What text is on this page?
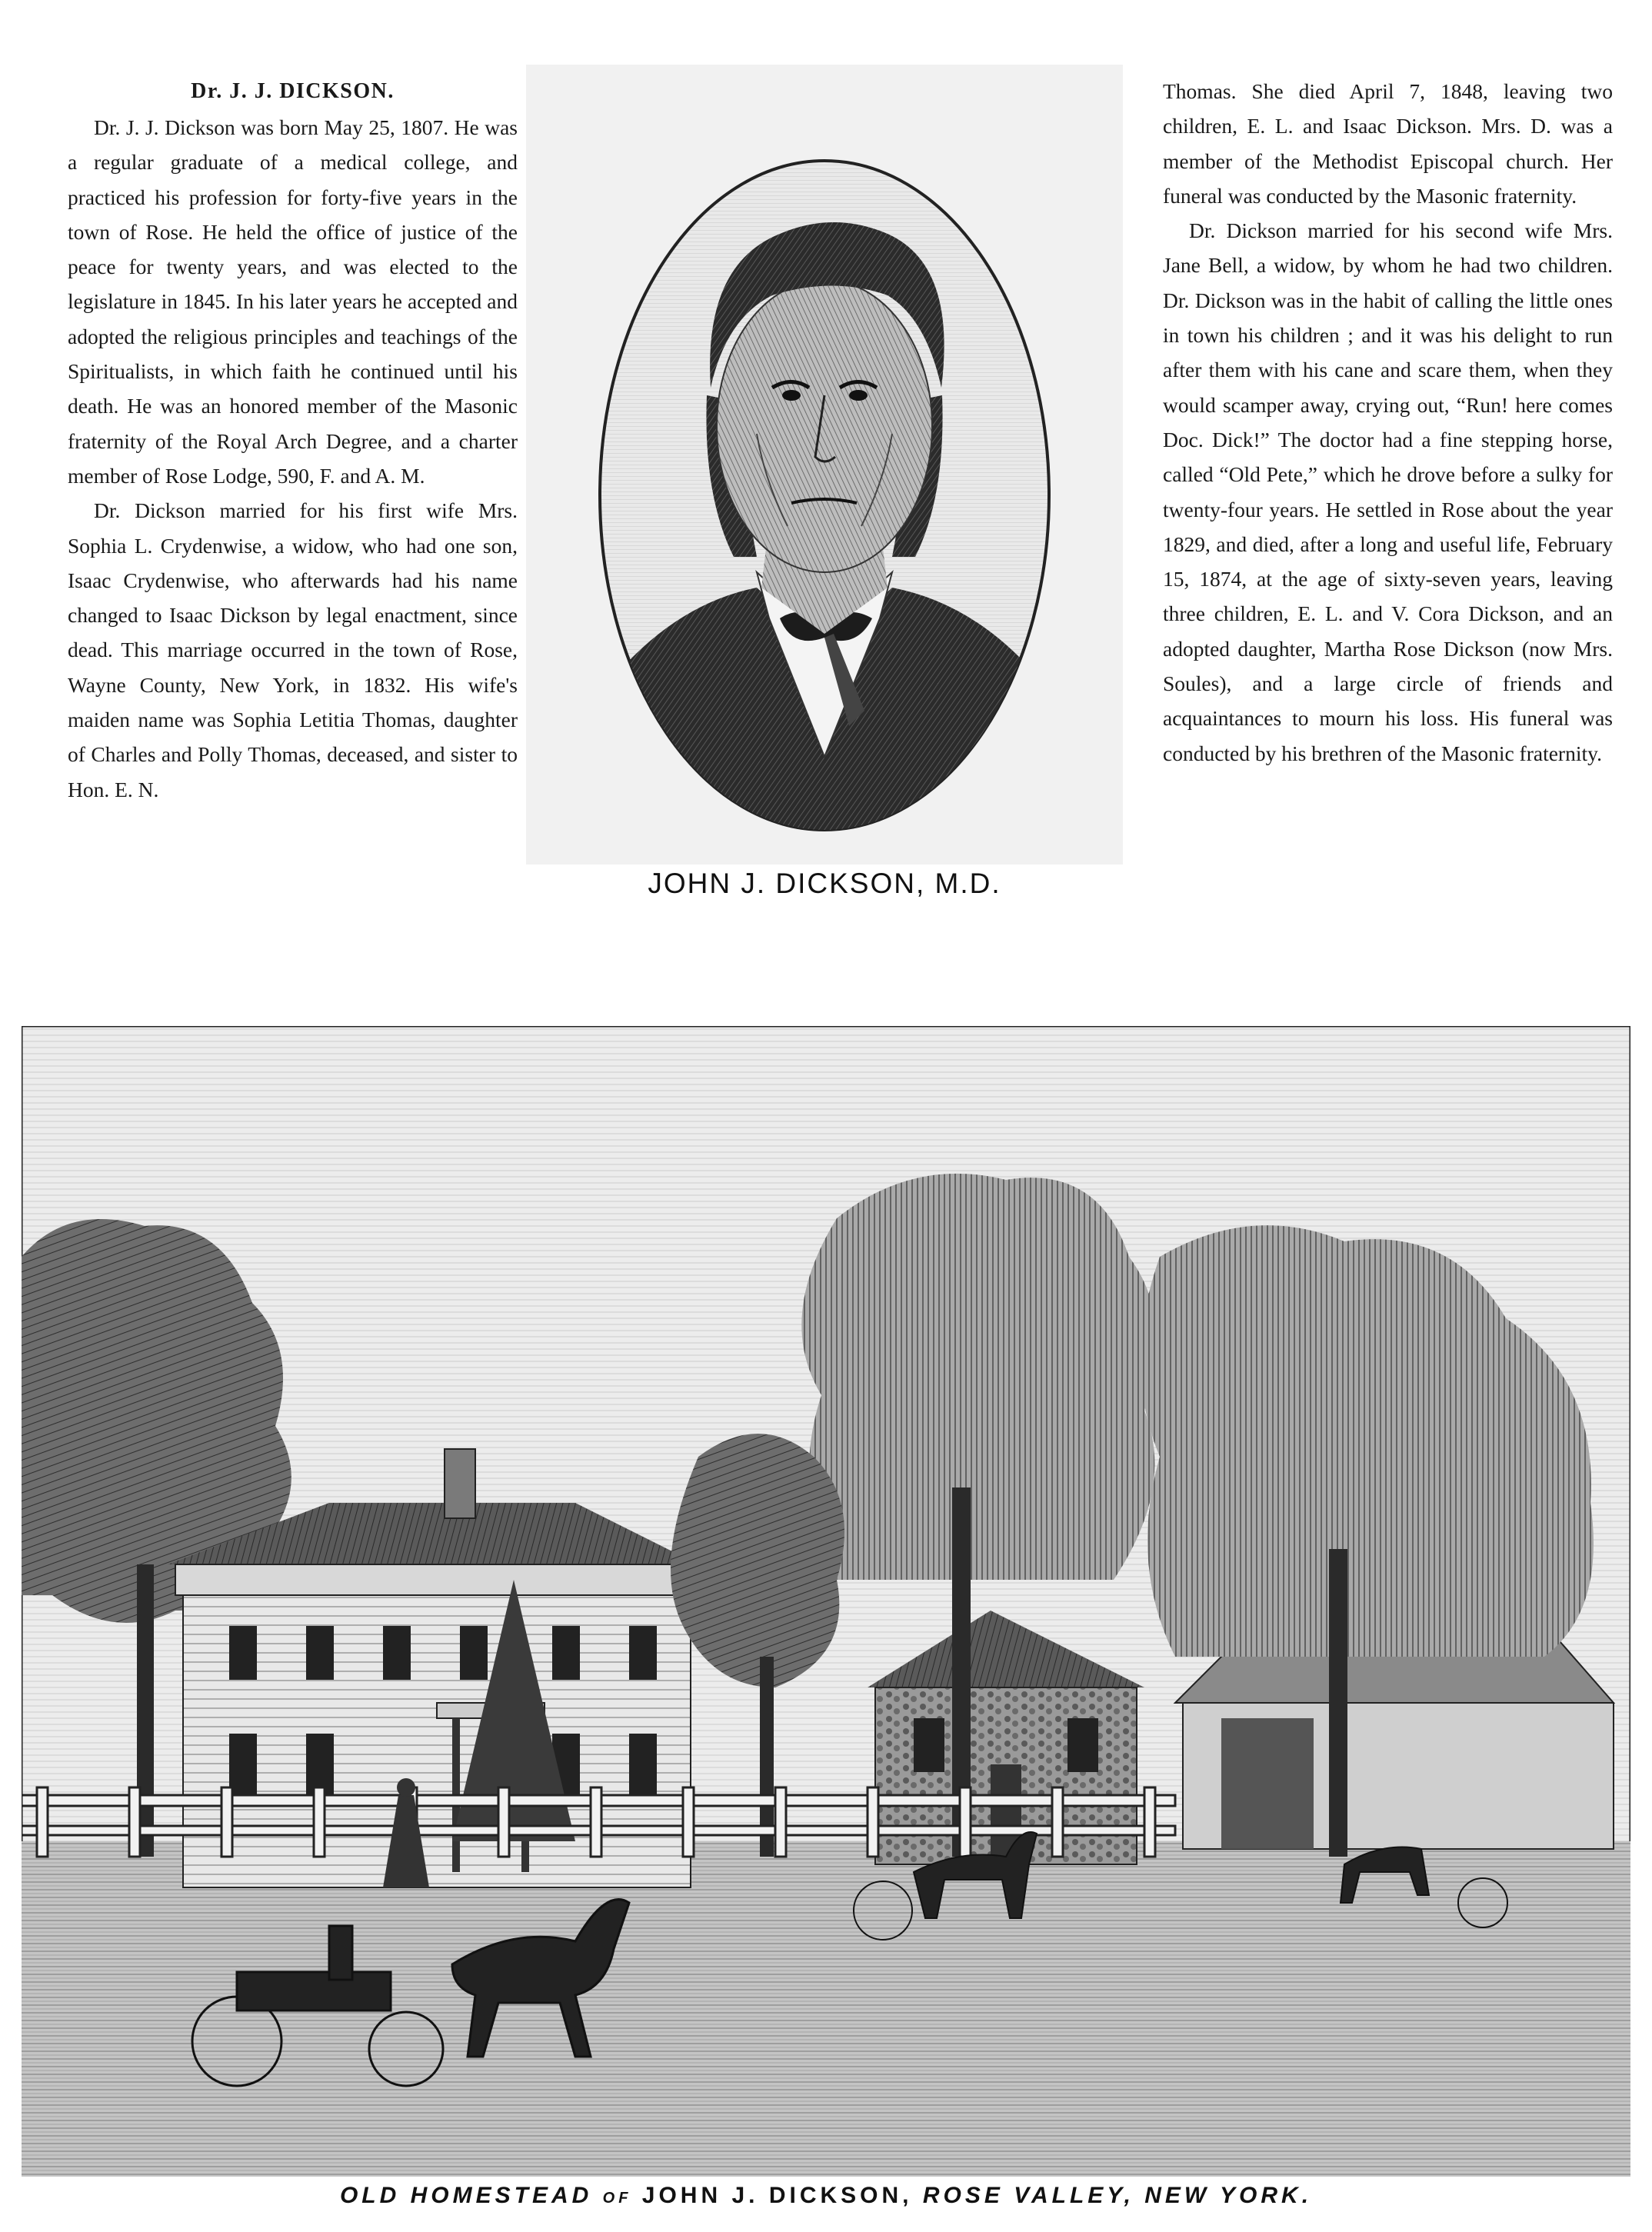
Dr. J. J. DICKSON.

Dr. J. J. Dickson was born May 25, 1807. He was a regular graduate of a medical college, and practiced his profession for forty-five years in the town of Rose. He held the office of justice of the peace for twenty years, and was elected to the legislature in 1845. In his later years he accepted and adopted the religious principles and teachings of the Spiritualists, in which faith he continued until his death. He was an honored member of the Masonic fraternity of the Royal Arch Degree, and a charter member of Rose Lodge, 590, F. and A. M.

Dr. Dickson married for his first wife Mrs. Sophia L. Crydenwise, a widow, who had one son, Isaac Crydenwise, who afterwards had his name changed to Isaac Dickson by legal enactment, since dead. This marriage occurred in the town of Rose, Wayne County, New York, in 1832. His wife's maiden name was Sophia Letitia Thomas, daughter of Charles and Polly Thomas, deceased, and sister to Hon. E. N.

JOHN J. DICKSON, M.D.

Thomas. She died April 7, 1848, leaving two children, E. L. and Isaac Dickson. Mrs. D. was a member of the Methodist Episcopal church. Her funeral was conducted by the Masonic fraternity.

Dr. Dickson married for his second wife Mrs. Jane Bell, a widow, by whom he had two children. Dr. Dickson was in the habit of calling the little ones in town his children ; and it was his delight to run after them with his cane and scare them, when they would scamper away, crying out, “Run! here comes Doc. Dick!” The doctor had a fine stepping horse, called “Old Pete,” which he drove before a sulky for twenty-four years. He settled in Rose about the year 1829, and died, after a long and useful life, February 15, 1874, at the age of sixty-seven years, leaving three children, E. L. and V. Cora Dickson, and an adopted daughter, Martha Rose Dickson (now Mrs. Soules), and a large circle of friends and acquaintances to mourn his loss. His funeral was conducted by his brethren of the Masonic fraternity.

OLD HOMESTEAD OF JOHN J. DICKSON, ROSE VALLEY, NEW YORK.
